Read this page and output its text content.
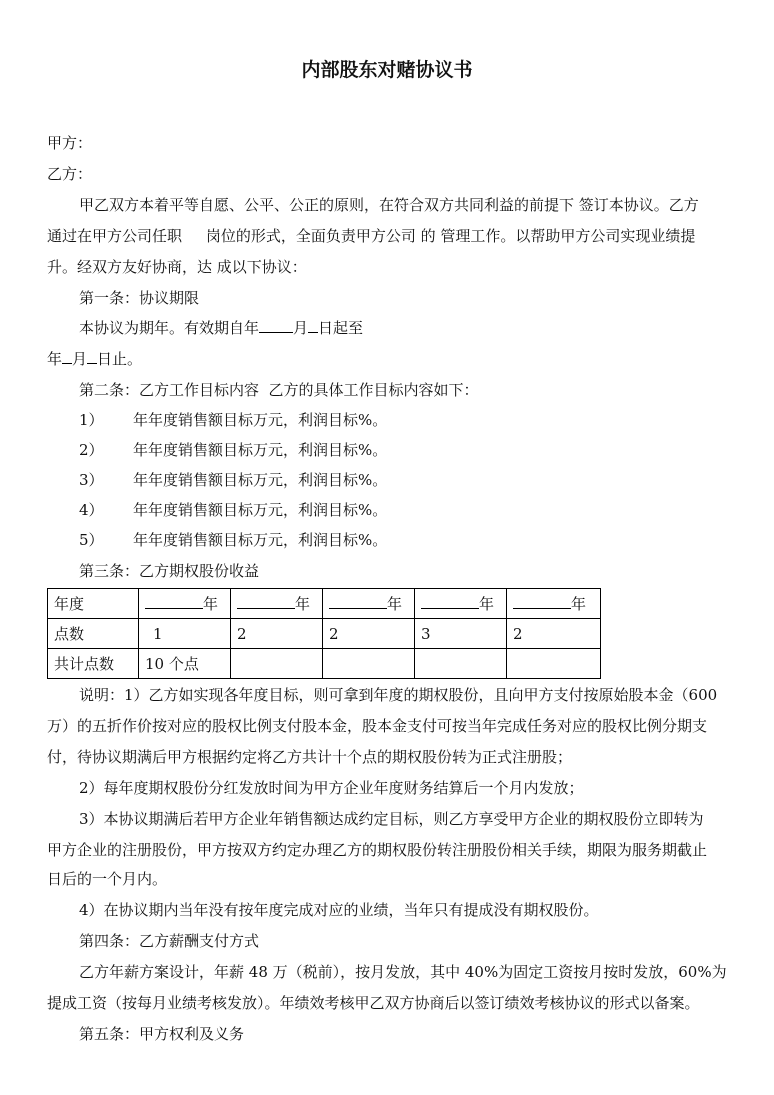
内部股东对赌协议书
甲方：
乙方：
甲乙双方本着平等自愿、公平、公正的原则，在符合双方共同利益的前提下 签订本协议。乙方
通过在甲方公司任职     岗位的形式，全面负责甲方公司 的 管理工作。以帮助甲方公司实现业绩提
升。经双方友好协商，达 成以下协议：
第一条：协议期限
本协议为期年。有效期自年 月 日起至
年 月 日止。
第二条：乙方工作目标内容  乙方的具体工作目标内容如下：
1） 年年度销售额目标万元，利润目标%。
2） 年年度销售额目标万元，利润目标%。
3） 年年度销售额目标万元，利润目标%。
4） 年年度销售额目标万元，利润目标%。
5） 年年度销售额目标万元，利润目标%。
第三条：乙方期权股份收益
年度	年	年	年	年	年
点数	1	2	2	3	2
共计点数	10 个点				
说明：1）乙方如实现各年度目标，则可拿到年度的期权股份，且向甲方支付按原始股本金（600
万）的五折作价按对应的股权比例支付股本金，股本金支付可按当年完成任务对应的股权比例分期支
付，待协议期满后甲方根据约定将乙方共计十个点的期权股份转为正式注册股；
2）每年度期权股份分红发放时间为甲方企业年度财务结算后一个月内发放；
3）本协议期满后若甲方企业年销售额达成约定目标，则乙方享受甲方企业的期权股份立即转为
甲方企业的注册股份，甲方按双方约定办理乙方的期权股份转注册股份相关手续，期限为服务期截止
日后的一个月内。
4）在协议期内当年没有按年度完成对应的业绩，当年只有提成没有期权股份。
第四条：乙方薪酬支付方式
乙方年薪方案设计，年薪 48 万（税前），按月发放，其中 40%为固定工资按月按时发放，60%为
提成工资（按每月业绩考核发放）。年绩效考核甲乙双方协商后以签订绩效考核协议的形式以备案。
第五条：甲方权利及义务
